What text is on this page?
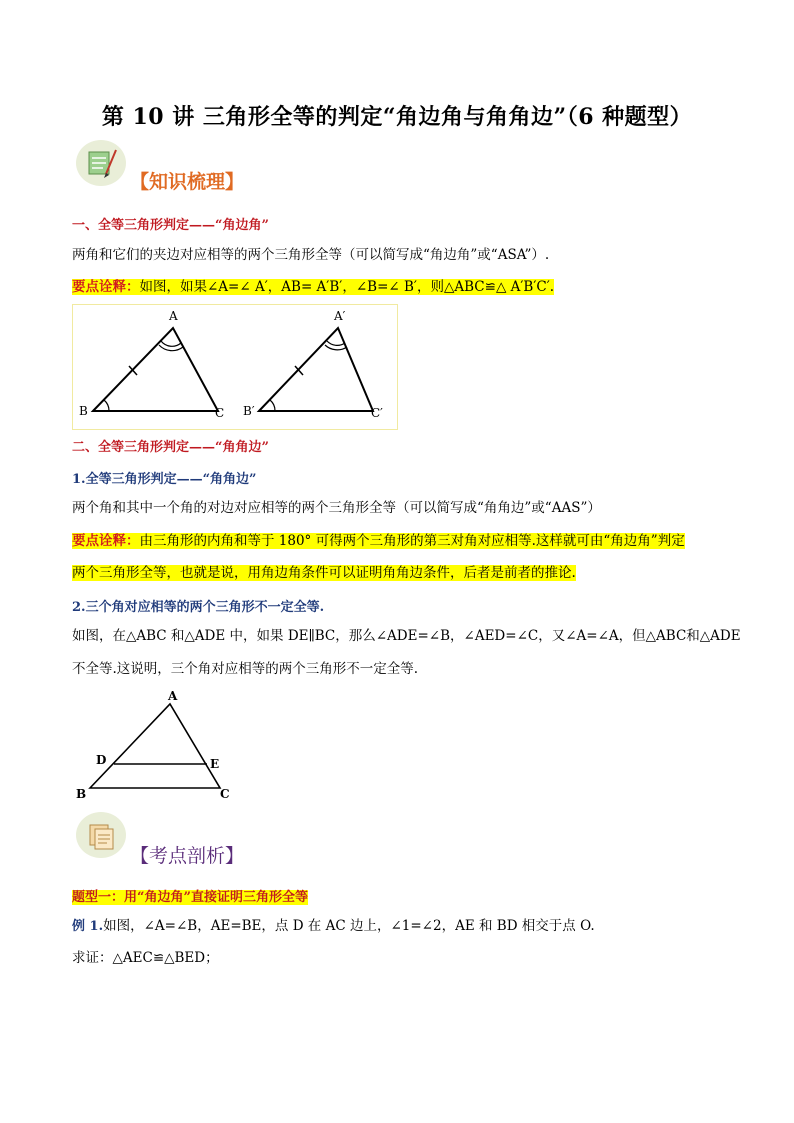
第 10 讲 三角形全等的判定“角边角与角角边”（6 种题型）
【知识梳理】
一、全等三角形判定——“角边角”
两角和它们的夹边对应相等的两个三角形全等（可以简写成“角边角”或“ASA”）.
要点诠释：如图，如果∠A=∠ A′，AB= A′B′，∠B=∠ B′，则△ABC≌△ A′B′C′.
A
B	C
A′
B′	C′
二、全等三角形判定——“角角边”
1.全等三角形判定——“角角边”
两个角和其中一个角的对边对应相等的两个三角形全等（可以简写成“角角边”或“AAS”）
要点诠释：由三角形的内角和等于 180° 可得两个三角形的第三对角对应相等.这样就可由“角边角”判定
两个三角形全等，也就是说，用角边角条件可以证明角角边条件，后者是前者的推论.
2.三个角对应相等的两个三角形不一定全等.
如图，在△ABC 和△ADE 中，如果 DE∥BC，那么∠ADE=∠B，∠AED=∠C，又∠A=∠A，但△ABC和△ADE
不全等.这说明，三个角对应相等的两个三角形不一定全等.
A
B	C
D	E
【考点剖析】
题型一：用“角边角”直接证明三角形全等
例 1.如图，∠A=∠B，AE=BE，点 D 在 AC 边上，∠1=∠2，AE 和 BD 相交于点 O.
求证：△AEC≌△BED；
